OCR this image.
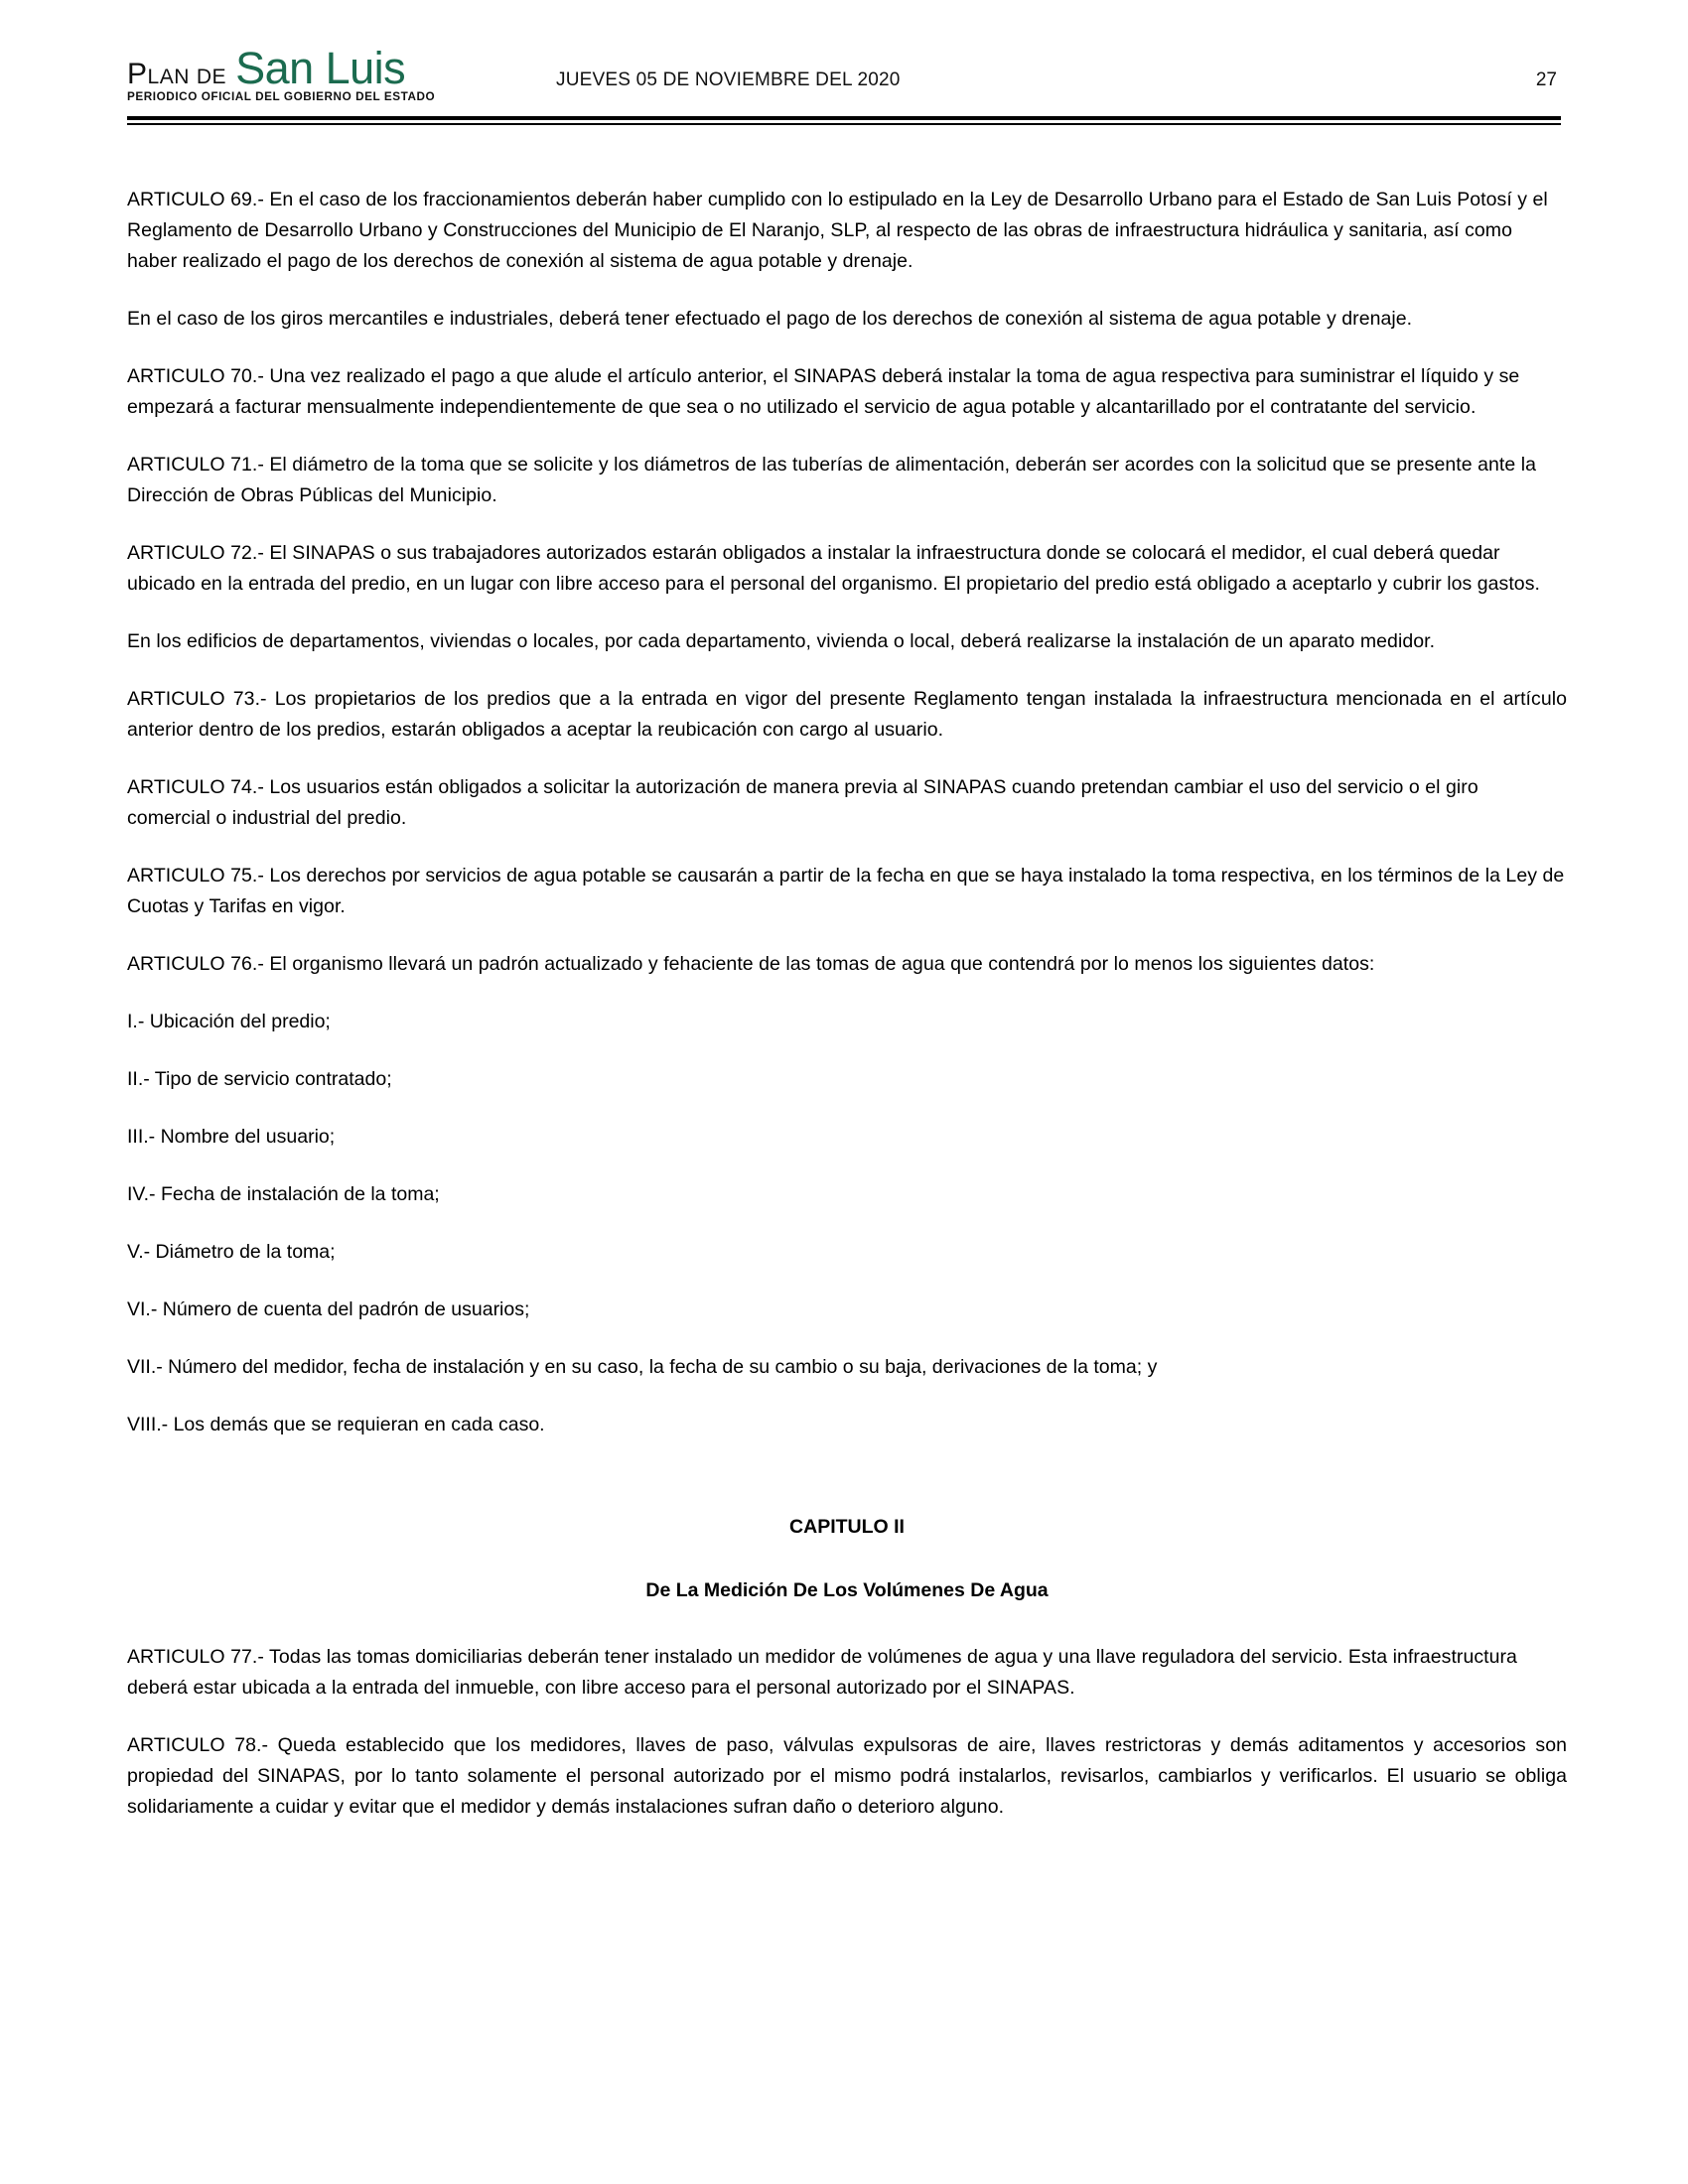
PLAN DE San Luis
PERIODICO OFICIAL DEL GOBIERNO DEL ESTADO
JUEVES 05 DE NOVIEMBRE DEL 2020	27

ARTICULO 69.- En el caso de los fraccionamientos deberán haber cumplido con lo estipulado en la Ley de Desarrollo Urbano para el Estado de San Luis Potosí y el Reglamento de Desarrollo Urbano y Construcciones del Municipio de El Naranjo, SLP, al respecto de las obras de infraestructura hidráulica y sanitaria, así como haber realizado el pago de los derechos de conexión al sistema de agua potable y drenaje.

En el caso de los giros mercantiles e industriales, deberá tener efectuado el pago de los derechos de conexión al sistema de agua potable y drenaje.

ARTICULO 70.- Una vez realizado el pago a que alude el artículo anterior, el SINAPAS deberá instalar la toma de agua respectiva para suministrar el líquido y se empezará a facturar mensualmente independientemente de que sea o no utilizado el servicio de agua potable y alcantarillado por el contratante del servicio.

ARTICULO 71.- El diámetro de la toma que se solicite y los diámetros de las tuberías de alimentación, deberán ser acordes con la solicitud que se presente ante la Dirección de Obras Públicas del Municipio.

ARTICULO 72.- El SINAPAS o sus trabajadores autorizados estarán obligados a instalar la infraestructura donde se colocará el medidor, el cual deberá quedar ubicado en la entrada del predio, en un lugar con libre acceso para el personal del organismo. El propietario del predio está obligado a aceptarlo y cubrir los gastos.

En los edificios de departamentos, viviendas o locales, por cada departamento, vivienda o local, deberá realizarse la instalación de un aparato medidor.

ARTICULO 73.- Los propietarios de los predios que a la entrada en vigor del presente Reglamento tengan instalada la infraestructura mencionada en el artículo anterior dentro de los predios, estarán obligados a aceptar la reubicación con cargo al usuario.

ARTICULO 74.- Los usuarios están obligados a solicitar la autorización de manera previa al SINAPAS cuando pretendan cambiar el uso del servicio o el giro comercial o industrial del predio.

ARTICULO 75.- Los derechos por servicios de agua potable se causarán a partir de la fecha en que se haya instalado la toma respectiva, en los términos de la Ley de Cuotas y Tarifas en vigor.

ARTICULO 76.- El organismo llevará un padrón actualizado y fehaciente de las tomas de agua que contendrá por lo menos los siguientes datos:

I.- Ubicación del predio;

II.- Tipo de servicio contratado;

III.- Nombre del usuario;

IV.- Fecha de instalación de la toma;

V.- Diámetro de la toma;

VI.- Número de cuenta del padrón de usuarios;

VII.- Número del medidor, fecha de instalación y en su caso, la fecha de su cambio o su baja, derivaciones de la toma; y

VIII.- Los demás que se requieran en cada caso.

CAPITULO II
De La Medición De Los Volúmenes De Agua

ARTICULO 77.- Todas las tomas domiciliarias deberán tener instalado un medidor de volúmenes de agua y una llave reguladora del servicio. Esta infraestructura deberá estar ubicada a la entrada del inmueble, con libre acceso para el personal autorizado por el SINAPAS.

ARTICULO 78.- Queda establecido que los medidores, llaves de paso, válvulas expulsoras de aire, llaves restrictoras y demás aditamentos y accesorios son propiedad del SINAPAS, por lo tanto solamente el personal autorizado por el mismo podrá instalarlos, revisarlos, cambiarlos y verificarlos. El usuario se obliga solidariamente a cuidar y evitar que el medidor y demás instalaciones sufran daño o deterioro alguno.
